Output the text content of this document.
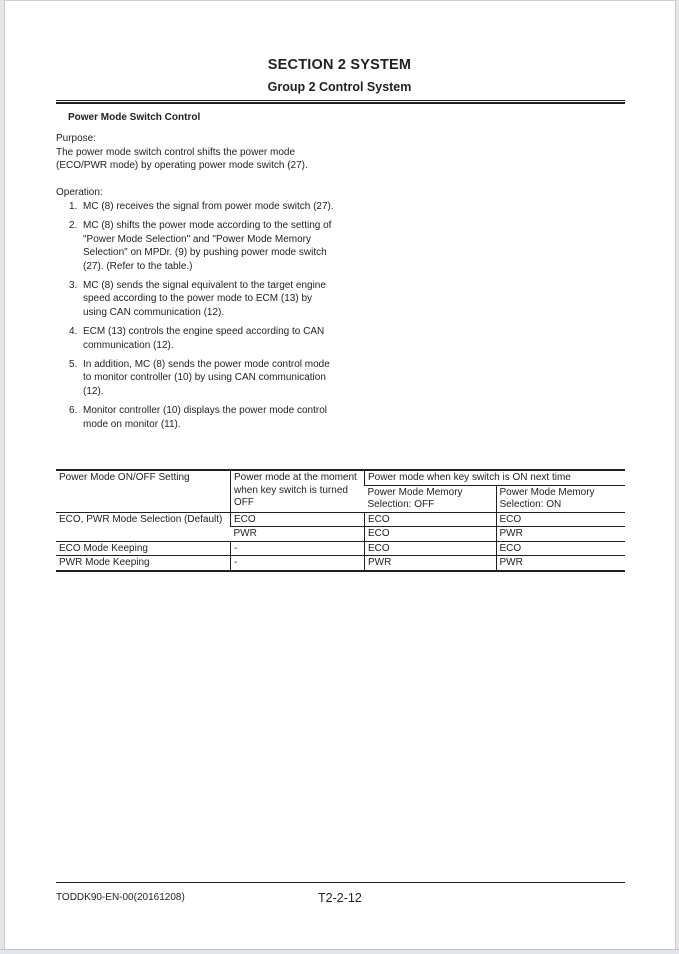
SECTION 2 SYSTEM
Group 2 Control System
Power Mode Switch Control
Purpose:
The power mode switch control shifts the power mode (ECO/PWR mode) by operating power mode switch (27).
Operation:
1. MC (8) receives the signal from power mode switch (27).
2. MC (8) shifts the power mode according to the setting of "Power Mode Selection" and "Power Mode Memory Selection" on MPDr. (9) by pushing power mode switch (27). (Refer to the table.)
3. MC (8) sends the signal equivalent to the target engine speed according to the power mode to ECM (13) by using CAN communication (12).
4. ECM (13) controls the engine speed according to CAN communication (12).
5. In addition, MC (8) sends the power mode control mode to monitor controller (10) by using CAN communication (12).
6. Monitor controller (10) displays the power mode control mode on monitor (11).
Power Mode ON/OFF Setting	Power mode at the moment when key switch is turned OFF	Power mode when key switch is ON next time	
		Power Mode Memory Selection: OFF	Power Mode Memory Selection: ON
ECO, PWR Mode Selection (Default)	ECO	ECO	ECO
	PWR	ECO	PWR
ECO Mode Keeping	-	ECO	ECO
PWR Mode Keeping	-	PWR	PWR
TODDK90-EN-00(20161208)	T2-2-12
